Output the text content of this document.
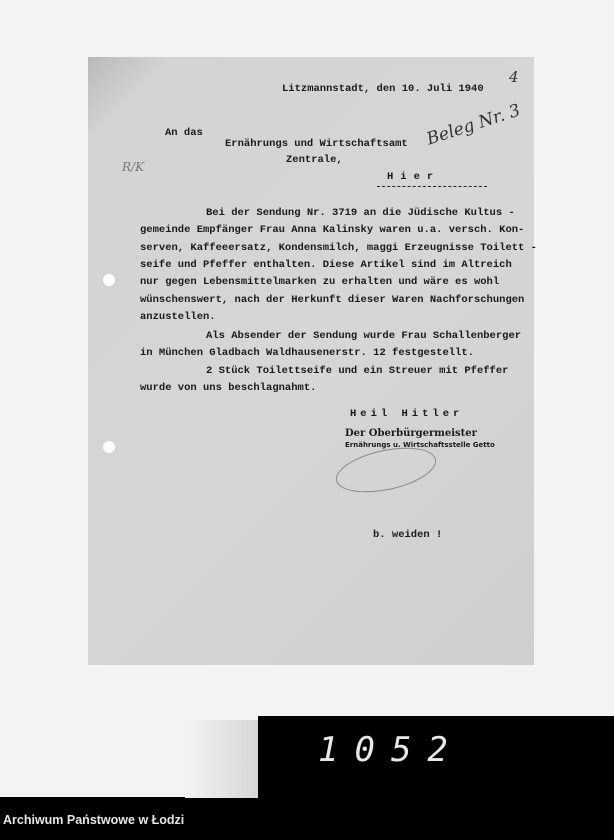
Litzmannstadt, den 10. Juli 1940
4
An das
Ernährungs und Wirtschaftsamt
Zentrale,
Hier
Beleg Nr. 3
R/K
Bei der Sendung Nr. 3719 an die Jüdische Kultus -
gemeinde Empfänger Frau Anna Kalinsky waren u.a. versch. Kon-
serven, Kaffeeersatz, Kondensmilch, maggi Erzeugnisse Toilett -
seife und Pfeffer enthalten. Diese Artikel sind im Altreich
nur gegen Lebensmittelmarken zu erhalten und wäre es wohl
wünschenswert, nach der Herkunft dieser Waren Nachforschungen
anzustellen.
Als Absender der Sendung wurde Frau Schallenberger
in München Gladbach Waldhausenerstr. 12 festgestellt.
2 Stück Toilettseife und ein Streuer mit Pfeffer
wurde von uns beschlagnahmt.
Heil Hitler
Der Oberbürgermeister
Ernährungs u. Wirtschaftsstelle Getto
b. weiden !
1052
Archiwum Państwowe w Łodzi
